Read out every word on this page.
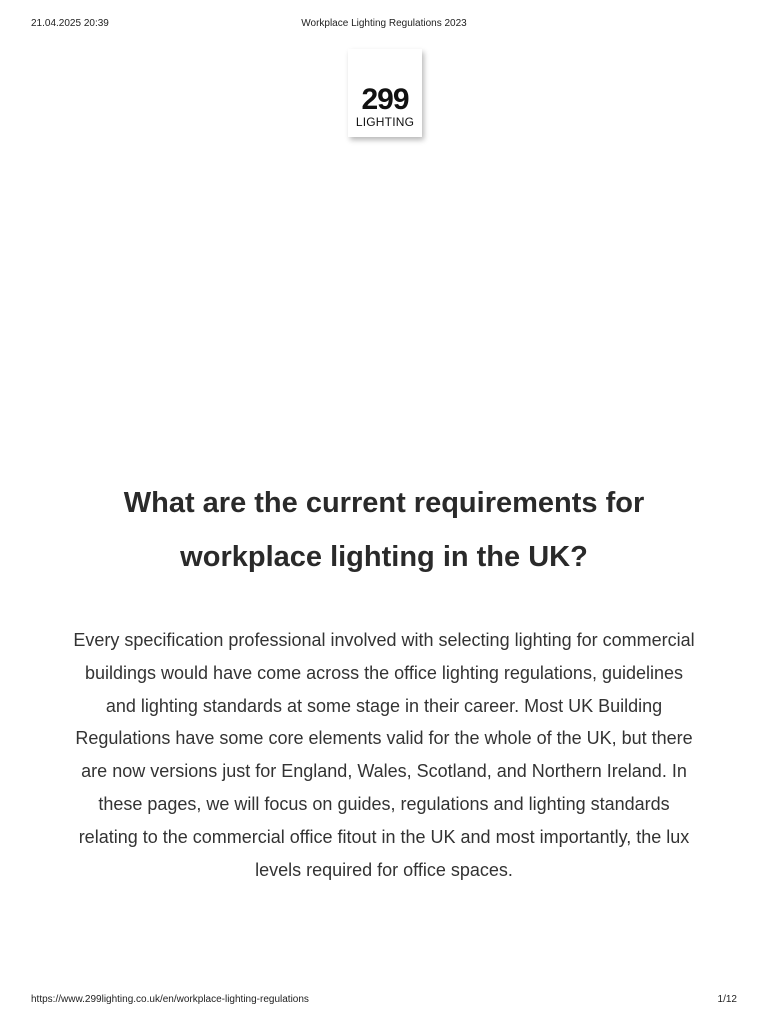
21.04.2025 20:39	Workplace Lighting Regulations 2023
299
LIGHTING
What are the current requirements for workplace lighting in the UK?

Every specification professional involved with selecting lighting for commercial buildings would have come across the office lighting regulations, guidelines and lighting standards at some stage in their career. Most UK Building Regulations have some core elements valid for the whole of the UK, but there are now versions just for England, Wales, Scotland, and Northern Ireland. In these pages, we will focus on guides, regulations and lighting standards relating to the commercial office fitout in the UK and most importantly, the lux levels required for office spaces.

https://www.299lighting.co.uk/en/workplace-lighting-regulations	1/12
